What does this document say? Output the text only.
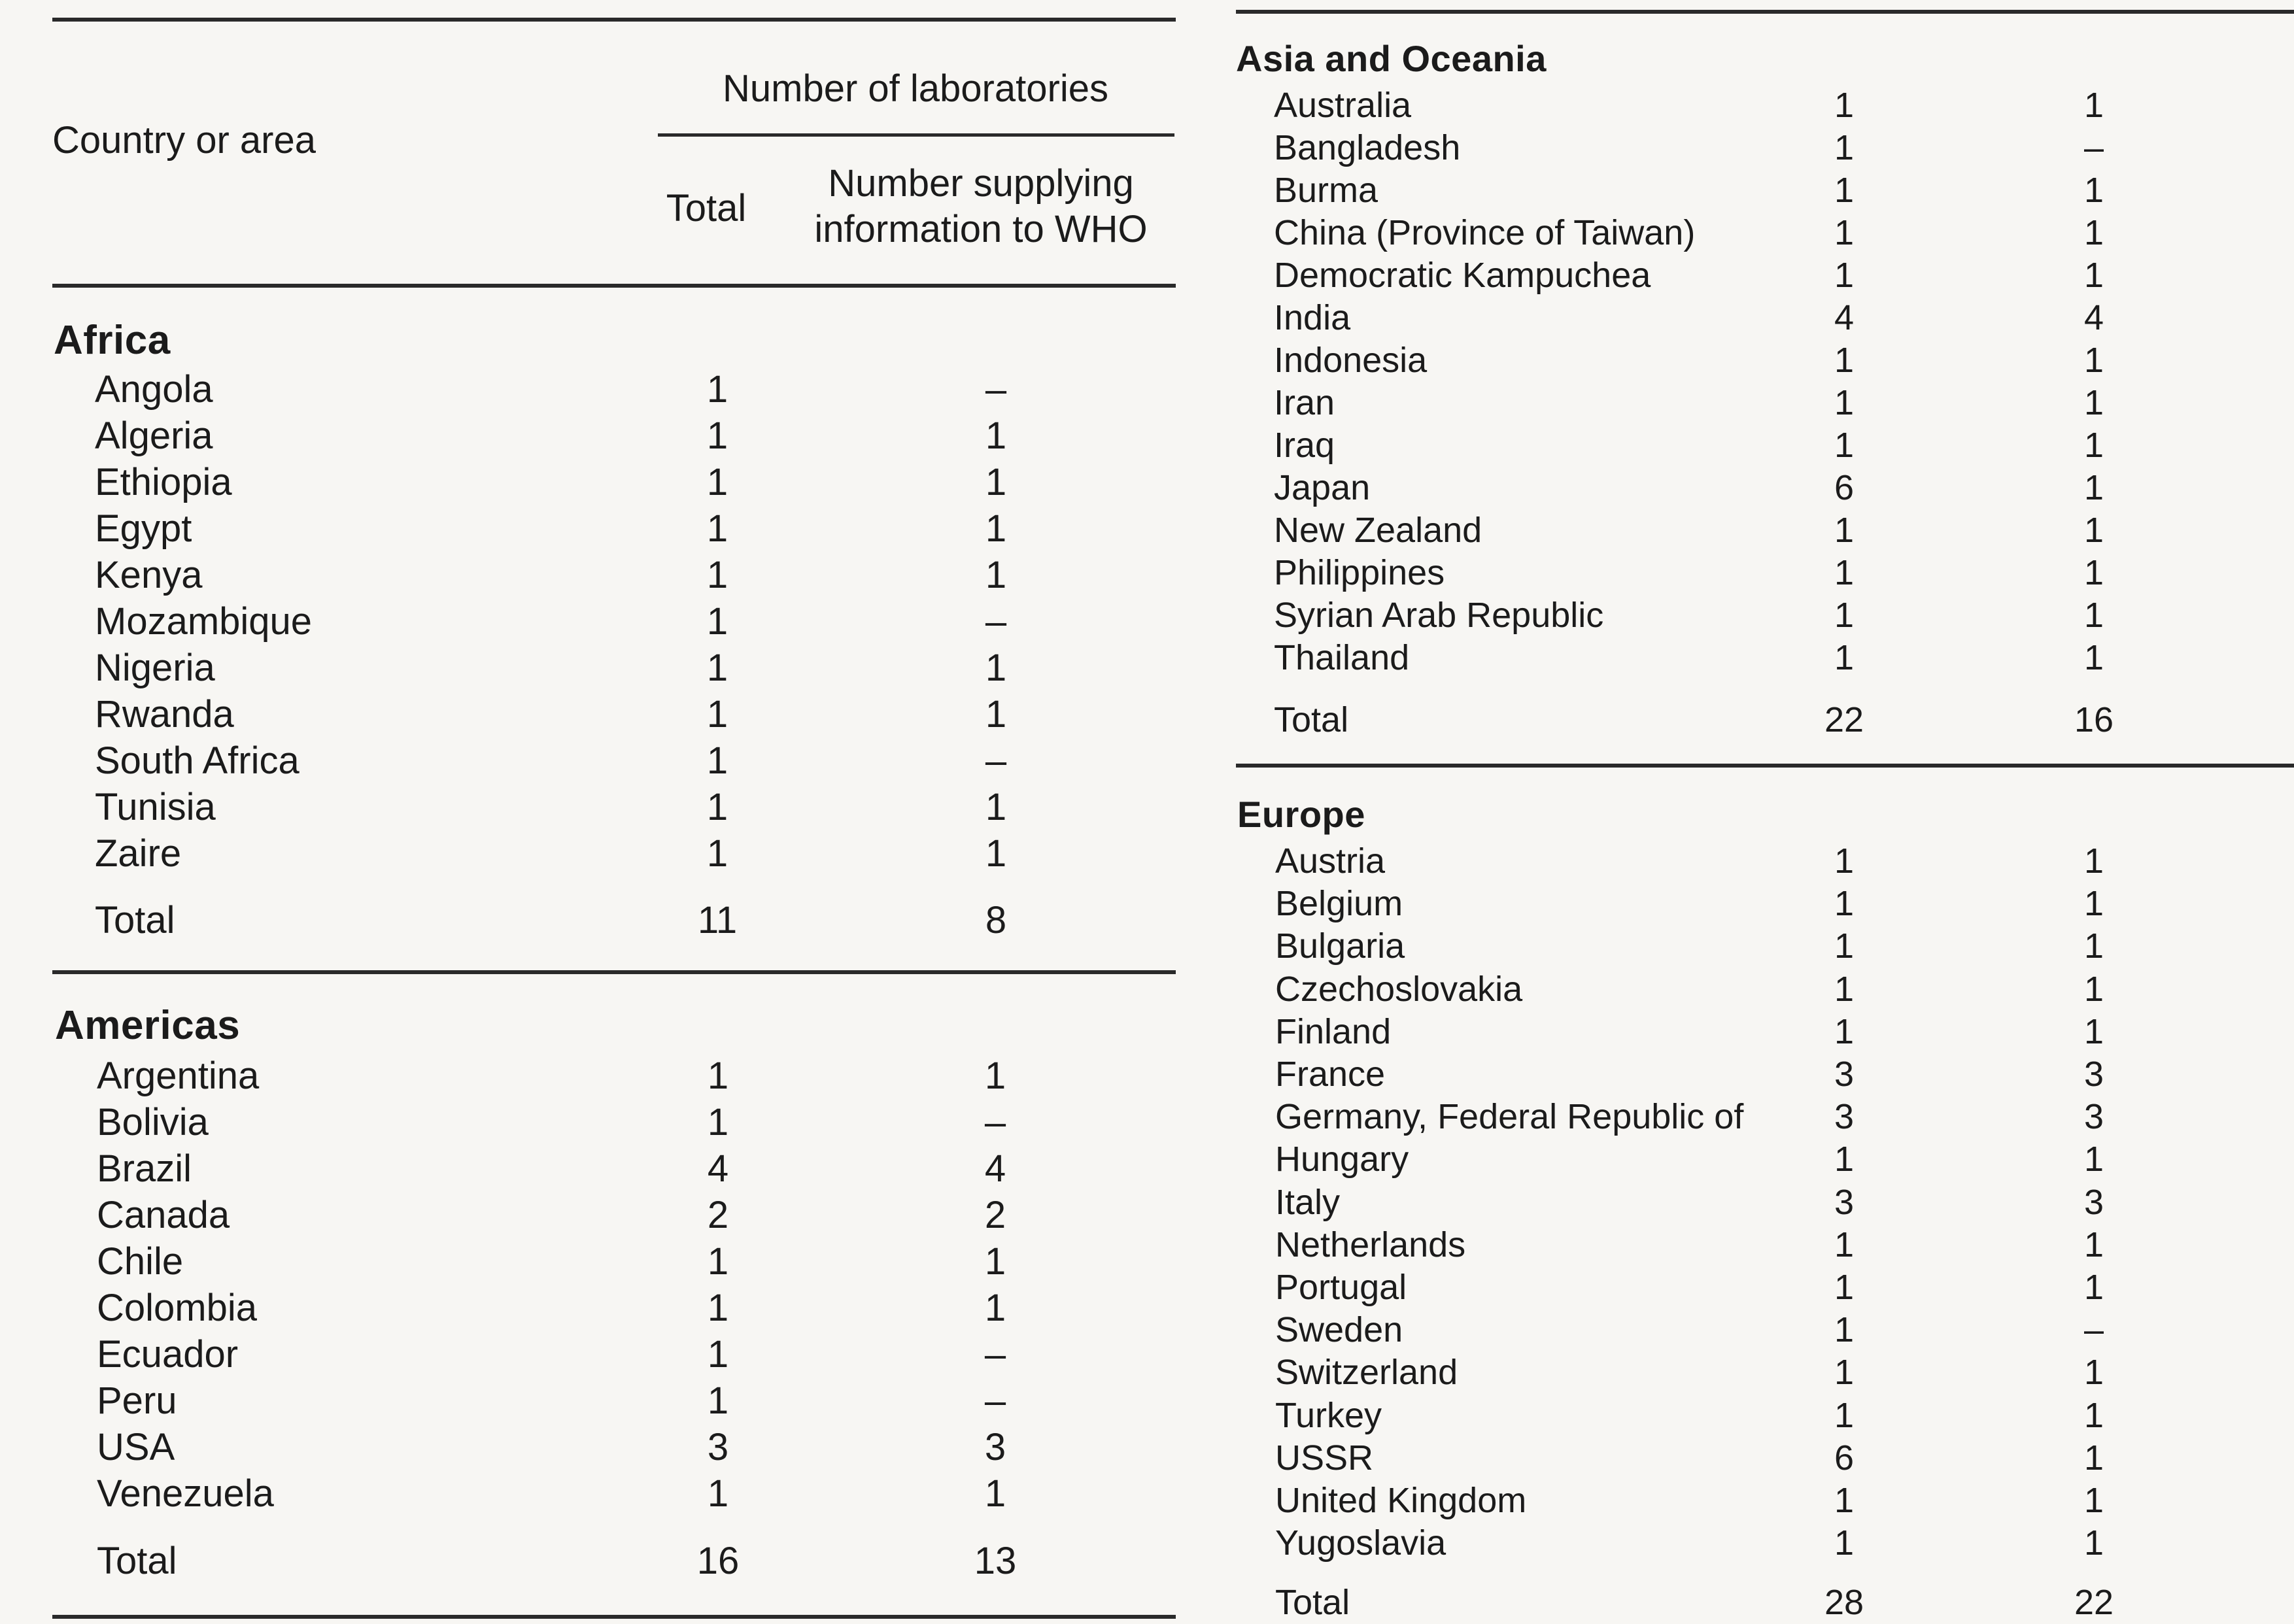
Country or area
Number of laboratories
Total
Number supplying
information to WHO
Africa
Angola	1	–
Algeria	1	1
Ethiopia	1	1
Egypt	1	1
Kenya	1	1
Mozambique	1	–
Nigeria	1	1
Rwanda	1	1
South Africa	1	–
Tunisia	1	1
Zaire	1	1
Total	11	8
Americas
Argentina	1	1
Bolivia	1	–
Brazil	4	4
Canada	2	2
Chile	1	1
Colombia	1	1
Ecuador	1	–
Peru	1	–
USA	3	3
Venezuela	1	1
Total	16	13
Asia and Oceania
Australia	1	1
Bangladesh	1	–
Burma	1	1
China (Province of Taiwan)	1	1
Democratic Kampuchea	1	1
India	4	4
Indonesia	1	1
Iran	1	1
Iraq	1	1
Japan	6	1
New Zealand	1	1
Philippines	1	1
Syrian Arab Republic	1	1
Thailand	1	1
Total	22	16
Europe
Austria	1	1
Belgium	1	1
Bulgaria	1	1
Czechoslovakia	1	1
Finland	1	1
France	3	3
Germany, Federal Republic of	3	3
Hungary	1	1
Italy	3	3
Netherlands	1	1
Portugal	1	1
Sweden	1	–
Switzerland	1	1
Turkey	1	1
USSR	6	1
United Kingdom	1	1
Yugoslavia	1	1
Total	28	22
